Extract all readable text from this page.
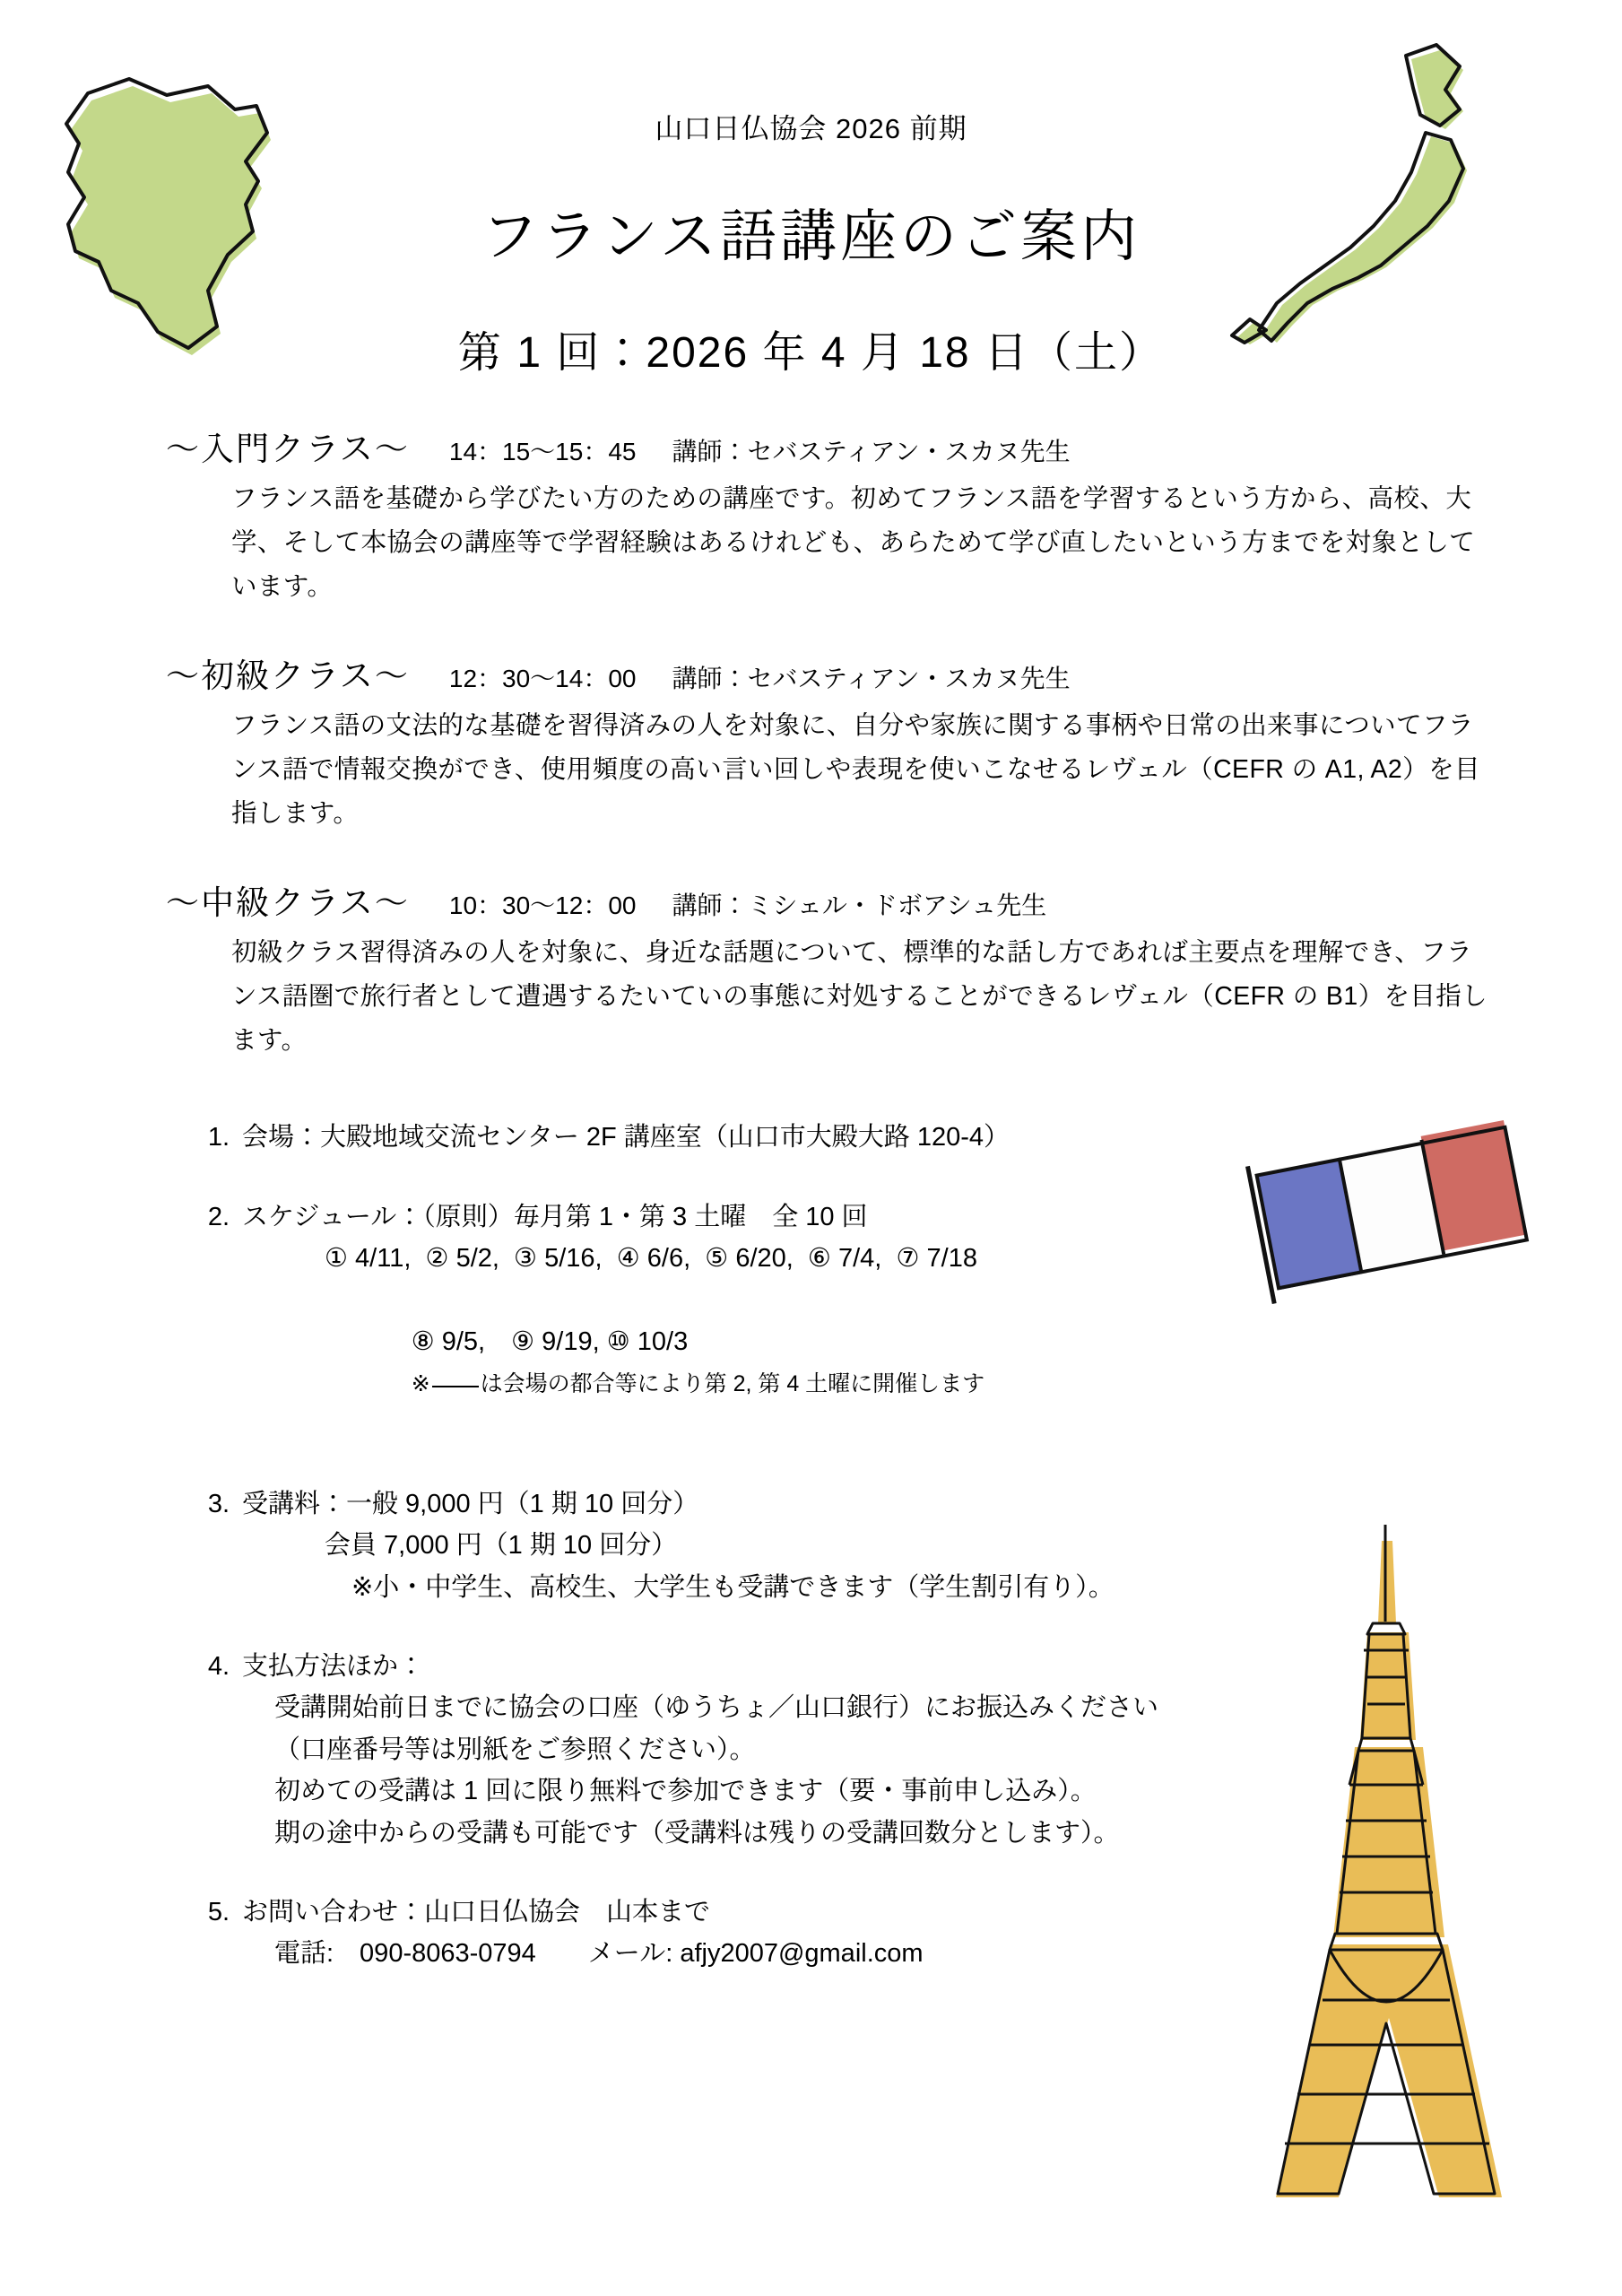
山口日仏協会 2026 前期
フランス語講座のご案内
第 1 回：2026 年 4 月 18 日（土）
〜入門クラス〜 14：15〜15：45 講師：セバスティアン・スカヌ先生
フランス語を基礎から学びたい方のための講座です。初めてフランス語を学習するという方から、高校、大学、そして本協会の講座等で学習経験はあるけれども、あらためて学び直したいという方までを対象としています。
〜初級クラス〜 12：30〜14：00 講師：セバスティアン・スカヌ先生
フランス語の文法的な基礎を習得済みの人を対象に、自分や家族に関する事柄や日常の出来事についてフランス語で情報交換ができ、使用頻度の高い言い回しや表現を使いこなせるレヴェル（CEFR の A1, A2）を目指します。
〜中級クラス〜 10：30〜12：00 講師：ミシェル・ドボアシュ先生
初級クラス習得済みの人を対象に、身近な話題について、標準的な話し方であれば主要点を理解でき、フランス語圏で旅行者として遭遇するたいていの事態に対処することができるレヴェル（CEFR の B1）を目指します。
1. 会場：大殿地域交流センター 2F 講座室（山口市大殿大路 120-4）
2. スケジュール：（原則）毎月第 1・第 3 土曜　全 10 回
① 4/11,  ② 5/2,  ③ 5/16,  ④ 6/6,  ⑤ 6/20,  ⑥ 7/4,  ⑦ 7/18

⑧ 9/5,　⑨ 9/19, ⑩ 10/3
※ は会場の都合等により第 2, 第 4 土曜に開催します

3. 受講料：一般 9,000 円（1 期 10 回分）
会員 7,000 円（1 期 10 回分）
※小・中学生、高校生、大学生も受講できます（学生割引有り）。
4. 支払方法ほか：
受講開始前日までに協会の口座（ゆうちょ／山口銀行）にお振込みください
（口座番号等は別紙をご参照ください）。
初めての受講は 1 回に限り無料で参加できます（要・事前申し込み）。
期の途中からの受講も可能です（受講料は残りの受講回数分とします）。
5. お問い合わせ：山口日仏協会　山本まで
電話:　090-8063-0794　　メール: afjy2007@gmail.com
